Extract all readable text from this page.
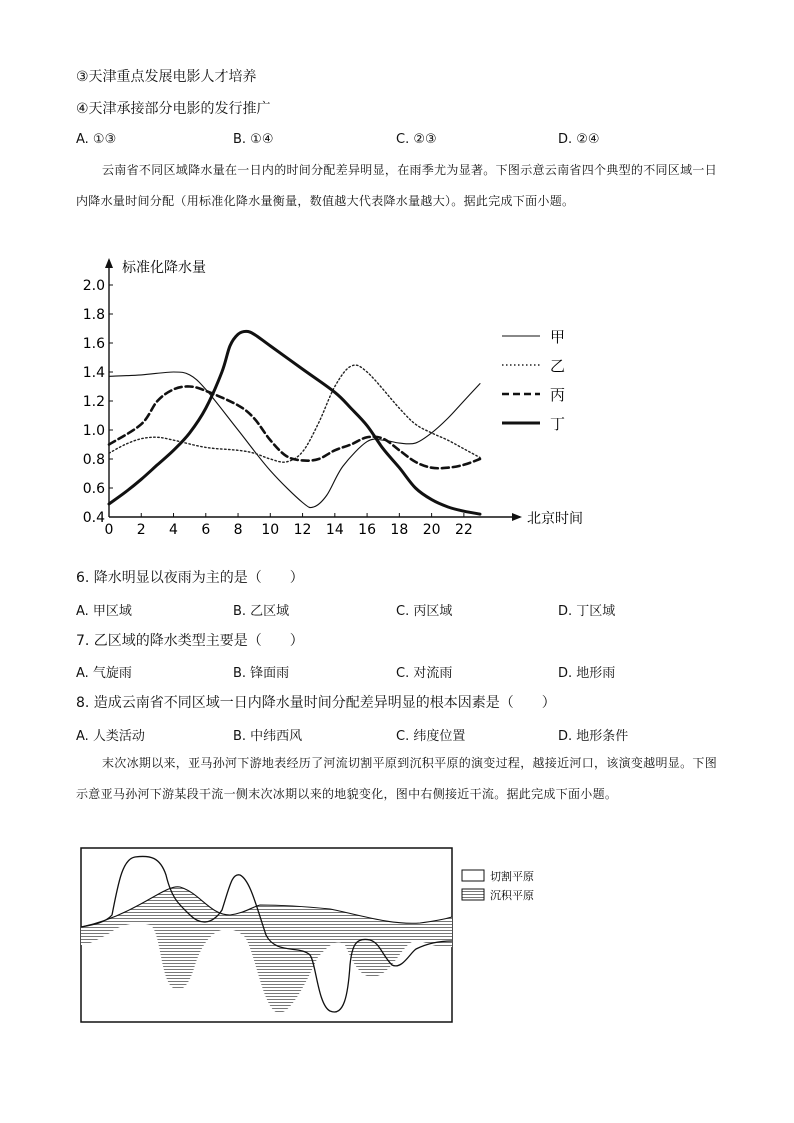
③天津重点发展电影人才培养
④天津承接部分电影的发行推广
A. ①③	B. ①④	C. ②③	D. ②④
云南省不同区域降水量在一日内的时间分配差异明显，在雨季尤为显著。下图示意云南省四个典型的不同区域一日内降水量时间分配（用标准化降水量衡量，数值越大代表降水量越大）。据此完成下面小题。
标准化降水量
北京时间
2.0
1.8
1.6
1.4
1.2
1.0
0.8
0.6
0.4
0 2 4 6 8 10 12 14 16 18 20 22
甲
乙
丙
丁
6. 降水明显以夜雨为主的是（　　）
A. 甲区域	B. 乙区域	C. 丙区域	D. 丁区域
7. 乙区域的降水类型主要是（　　）
A. 气旋雨	B. 锋面雨	C. 对流雨	D. 地形雨
8. 造成云南省不同区域一日内降水量时间分配差异明显的根本因素是（　　）
A. 人类活动	B. 中纬西风	C. 纬度位置	D. 地形条件
末次冰期以来，亚马孙河下游地表经历了河流切割平原到沉积平原的演变过程，越接近河口，该演变越明显。下图示意亚马孙河下游某段干流一侧末次冰期以来的地貌变化，图中右侧接近干流。据此完成下面小题。
切割平原
沉积平原
